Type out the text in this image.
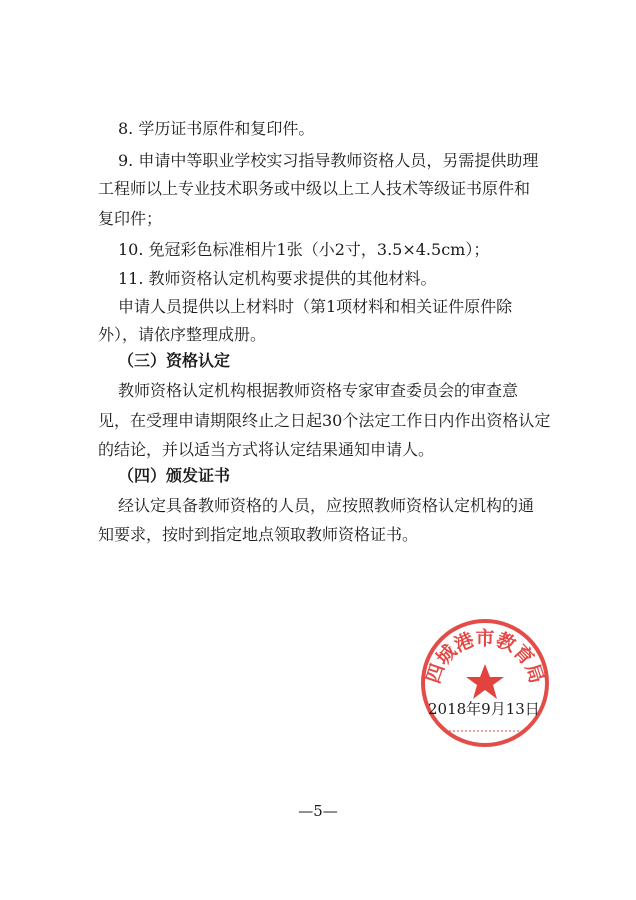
8. 学历证书原件和复印件。
9. 申请中等职业学校实习指导教师资格人员，另需提供助理
工程师以上专业技术职务或中级以上工人技术等级证书原件和
复印件；
10. 免冠彩色标准相片1张（小2寸，3.5×4.5cm）；
11. 教师资格认定机构要求提供的其他材料。
申请人员提供以上材料时（第1项材料和相关证件原件除
外），请依序整理成册。
（三）资格认定
教师资格认定机构根据教师资格专家审查委员会的审查意
见，在受理申请期限终止之日起30个法定工作日内作出资格认定
的结论，并以适当方式将认定结果通知申请人。
（四）颁发证书
经认定具备教师资格的人员，应按照教师资格认定机构的通
知要求，按时到指定地点领取教师资格证书。
四城港市教育局
2018年9月13日
—5—
